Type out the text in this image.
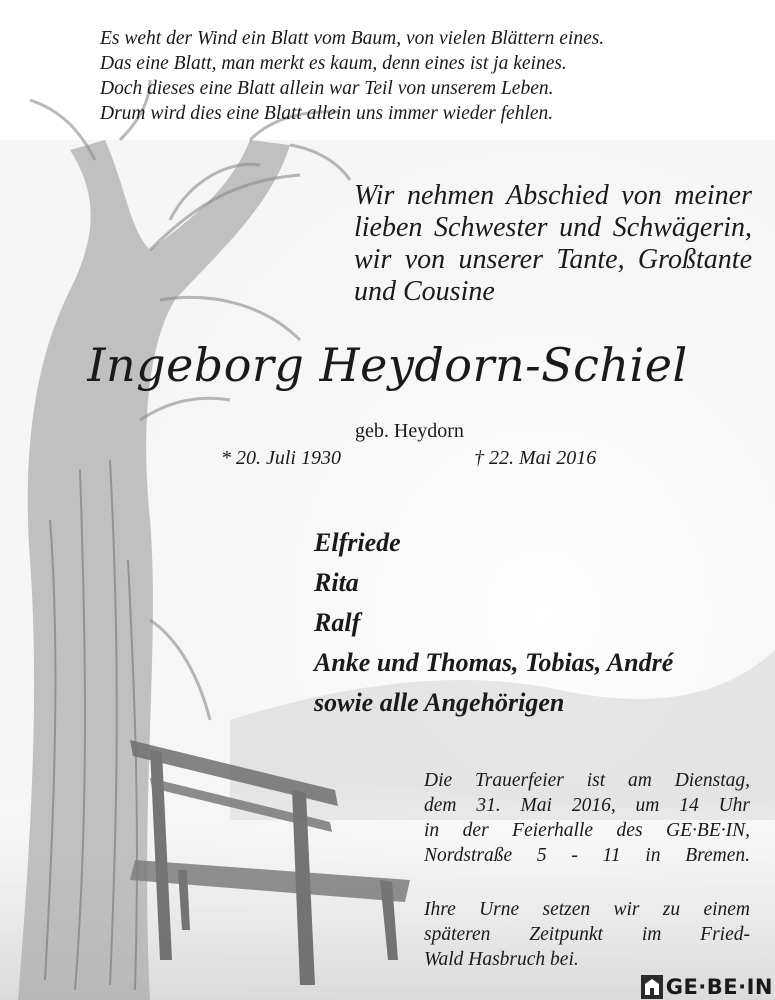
Es weht der Wind ein Blatt vom Baum, von vielen Blättern eines.
Das eine Blatt, man merkt es kaum, denn eines ist ja keines.
Doch dieses eine Blatt allein war Teil von unserem Leben.
Drum wird dies eine Blatt allein uns immer wieder fehlen.

Wir nehmen Abschied von meiner lieben Schwester und Schwägerin, wir von unserer Tante, Großtante und Cousine

Ingeborg Heydorn-Schiel
geb. Heydorn
* 20. Juli 1930	† 22. Mai 2016
Elfriede
Rita
Ralf
Anke und Thomas, Tobias, André
sowie alle Angehörigen
Die Trauerfeier ist am Dienstag,
dem 31. Mai 2016, um 14 Uhr
in der Feierhalle des GE·BE·IN,
Nordstraße 5 - 11 in Bremen.
Ihre Urne setzen wir zu einem
späteren Zeitpunkt im Fried-
Wald Hasbruch bei.
GE·BE·IN
